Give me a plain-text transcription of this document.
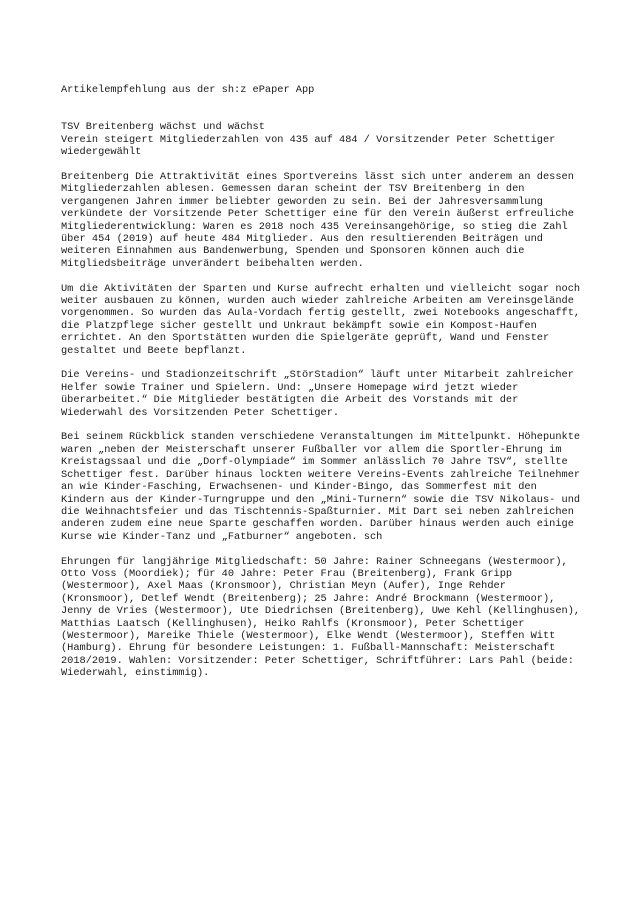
Artikelempfehlung aus der sh:z ePaper App

TSV Breitenberg wächst und wächst

Verein steigert Mitgliederzahlen von 435 auf 484 / Vorsitzender Peter Schettiger wiedergewählt

Breitenberg Die Attraktivität eines Sportvereins lässt sich unter anderem an dessen Mitgliederzahlen ablesen. Gemessen daran scheint der TSV Breitenberg in den vergangenen Jahren immer beliebter geworden zu sein. Bei der Jahresversammlung verkündete der Vorsitzende Peter Schettiger eine für den Verein äußerst erfreuliche Mitgliederentwicklung: Waren es 2018 noch 435 Vereinsangehörige, so stieg die Zahl über 454 (2019) auf heute 484 Mitglieder. Aus den resultierenden Beiträgen und weiteren Einnahmen aus Bandenwerbung, Spenden und Sponsoren können auch die Mitgliedsbeiträge unverändert beibehalten werden.

Um die Aktivitäten der Sparten und Kurse aufrecht erhalten und vielleicht sogar noch weiter ausbauen zu können, wurden auch wieder zahlreiche Arbeiten am Vereinsgelände vorgenommen. So wurden das Aula-Vordach fertig gestellt, zwei Notebooks angeschafft, die Platzpflege sicher gestellt und Unkraut bekämpft sowie ein Kompost-Haufen errichtet. An den Sportstätten wurden die Spielgeräte geprüft, Wand und Fenster gestaltet und Beete bepflanzt.

Die Vereins- und Stadionzeitschrift „StörStadion“ läuft unter Mitarbeit zahlreicher Helfer sowie Trainer und Spielern. Und: „Unsere Homepage wird jetzt wieder überarbeitet.“ Die Mitglieder bestätigten die Arbeit des Vorstands mit der Wiederwahl des Vorsitzenden Peter Schettiger.

Bei seinem Rückblick standen verschiedene Veranstaltungen im Mittelpunkt. Höhepunkte waren „neben der Meisterschaft unserer Fußballer vor allem die Sportler-Ehrung im Kreistagssaal und die „Dorf-Olympiade“ im Sommer anlässlich 70 Jahre TSV“, stellte Schettiger fest. Darüber hinaus lockten weitere Vereins-Events zahlreiche Teilnehmer an wie Kinder-Fasching, Erwachsenen- und Kinder-Bingo, das Sommerfest mit den Kindern aus der Kinder-Turngruppe und den „Mini-Turnern“ sowie die TSV Nikolaus- und die Weihnachtsfeier und das Tischtennis-Spaßturnier. Mit Dart sei neben zahlreichen anderen zudem eine neue Sparte geschaffen worden. Darüber hinaus werden auch einige Kurse wie Kinder-Tanz und „Fatburner“ angeboten. sch

Ehrungen für langjährige Mitgliedschaft: 50 Jahre: Rainer Schneegans (Westermoor), Otto Voss (Moordiek); für 40 Jahre: Peter Frau (Breitenberg), Frank Gripp (Westermoor), Axel Maas (Kronsmoor), Christian Meyn (Aufer), Inge Rehder (Kronsmoor), Detlef Wendt (Breitenberg); 25 Jahre: André Brockmann (Westermoor), Jenny de Vries (Westermoor), Ute Diedrichsen (Breitenberg), Uwe Kehl (Kellinghusen), Matthias Laatsch (Kellinghusen), Heiko Rahlfs (Kronsmoor), Peter Schettiger (Westermoor), Mareike Thiele (Westermoor), Elke Wendt (Westermoor), Steffen Witt (Hamburg). Ehrung für besondere Leistungen: 1. Fußball-Mannschaft: Meisterschaft 2018/2019. Wahlen: Vorsitzender: Peter Schettiger, Schriftführer: Lars Pahl (beide: Wiederwahl, einstimmig).
